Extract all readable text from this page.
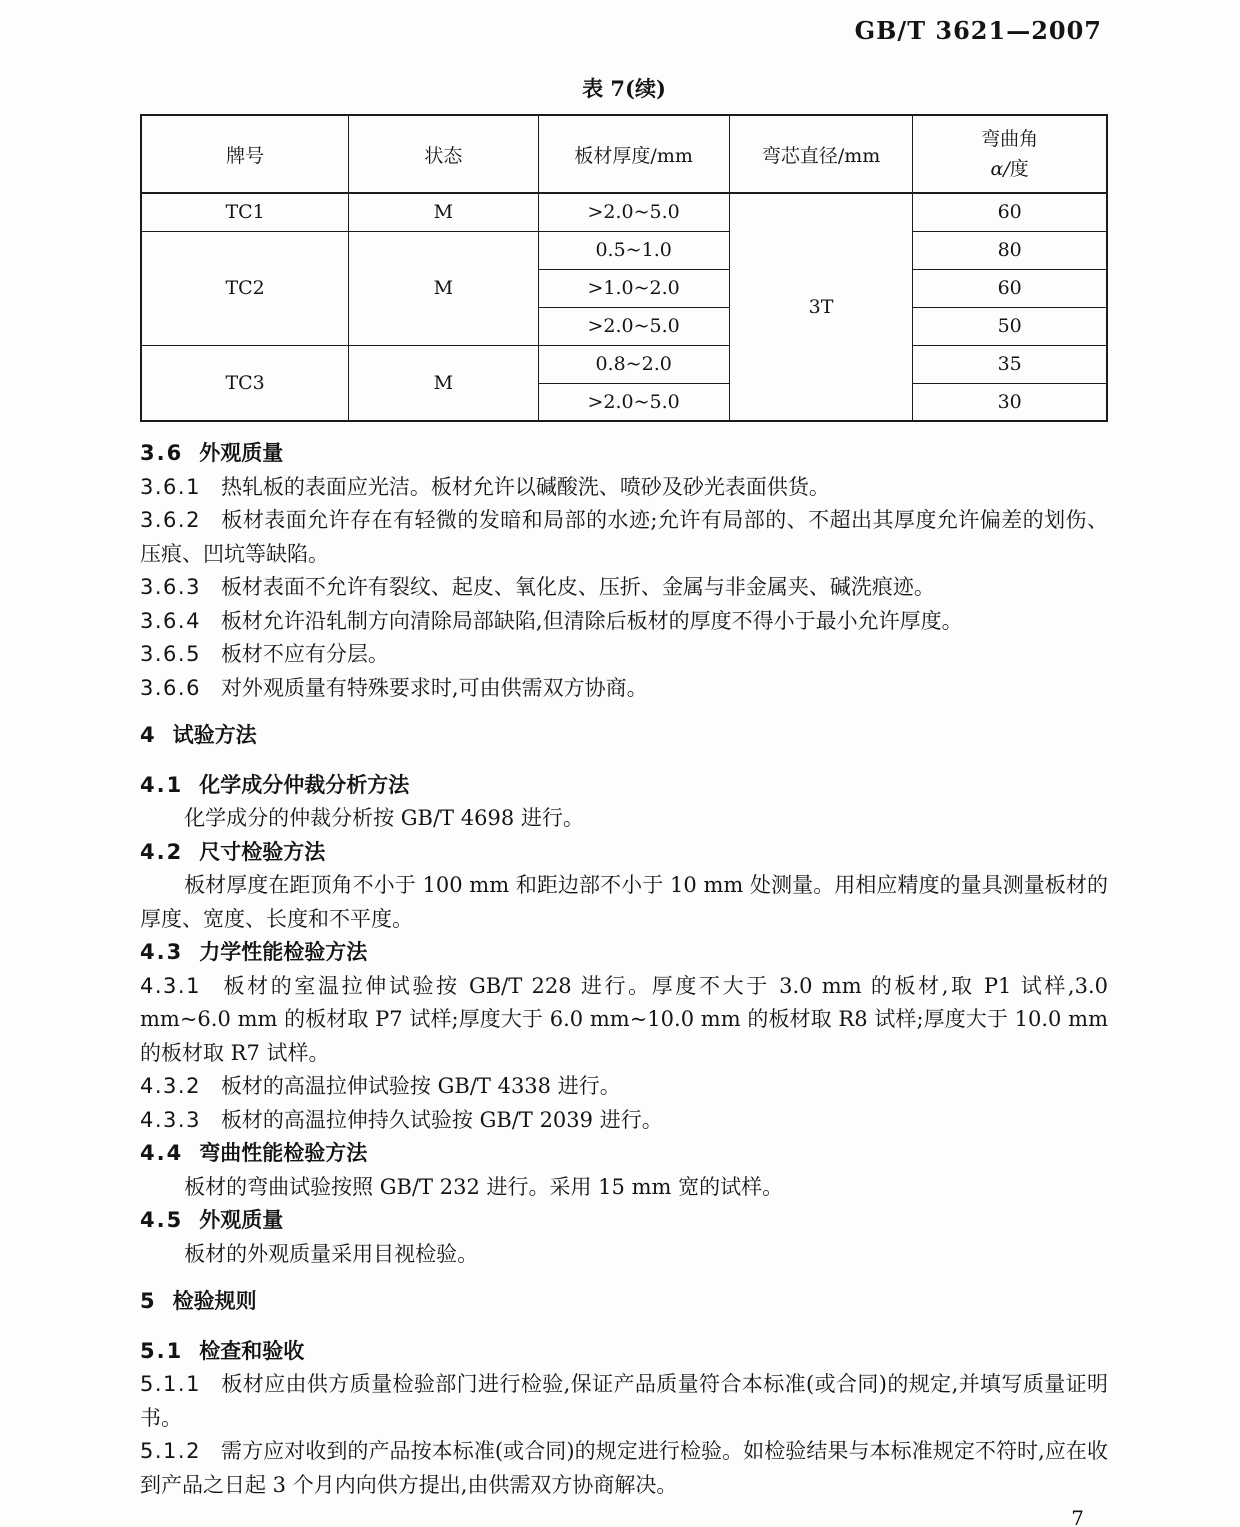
GB/T 3621—2007
表 7(续)
牌号	状态	板材厚度/mm	弯芯直径/mm	弯曲角
α/度

TC1	M	>2.0~5.0	3T	60
TC2	M	0.5~1.0		80
		>1.0~2.0		60
		>2.0~5.0		50
TC3	M	0.8~2.0		35
		>2.0~5.0		30

3.6 外观质量

3.6.1 热轧板的表面应光洁。板材允许以碱酸洗、喷砂及砂光表面供货。

3.6.2 板材表面允许存在有轻微的发暗和局部的水迹;允许有局部的、不超出其厚度允许偏差的划伤、压痕、凹坑等缺陷。

3.6.3 板材表面不允许有裂纹、起皮、氧化皮、压折、金属与非金属夹、碱洗痕迹。

3.6.4 板材允许沿轧制方向清除局部缺陷,但清除后板材的厚度不得小于最小允许厚度。

3.6.5 板材不应有分层。

3.6.6 对外观质量有特殊要求时,可由供需双方协商。

4 试验方法

4.1 化学成分仲裁分析方法

化学成分的仲裁分析按 GB/T 4698 进行。

4.2 尺寸检验方法

板材厚度在距顶角不小于 100 mm 和距边部不小于 10 mm 处测量。用相应精度的量具测量板材的厚度、宽度、长度和不平度。

4.3 力学性能检验方法

4.3.1 板材的室温拉伸试验按 GB/T 228 进行。厚度不大于 3.0 mm 的板材,取 P1 试样,3.0 mm~6.0 mm 的板材取 P7 试样;厚度大于 6.0 mm~10.0 mm 的板材取 R8 试样;厚度大于 10.0 mm 的板材取 R7 试样。

4.3.2 板材的高温拉伸试验按 GB/T 4338 进行。

4.3.3 板材的高温拉伸持久试验按 GB/T 2039 进行。

4.4 弯曲性能检验方法

板材的弯曲试验按照 GB/T 232 进行。采用 15 mm 宽的试样。

4.5 外观质量

板材的外观质量采用目视检验。

5 检验规则

5.1 检查和验收

5.1.1 板材应由供方质量检验部门进行检验,保证产品质量符合本标准(或合同)的规定,并填写质量证明书。

5.1.2 需方应对收到的产品按本标准(或合同)的规定进行检验。如检验结果与本标准规定不符时,应在收到产品之日起 3 个月内向供方提出,由供需双方协商解决。

7
